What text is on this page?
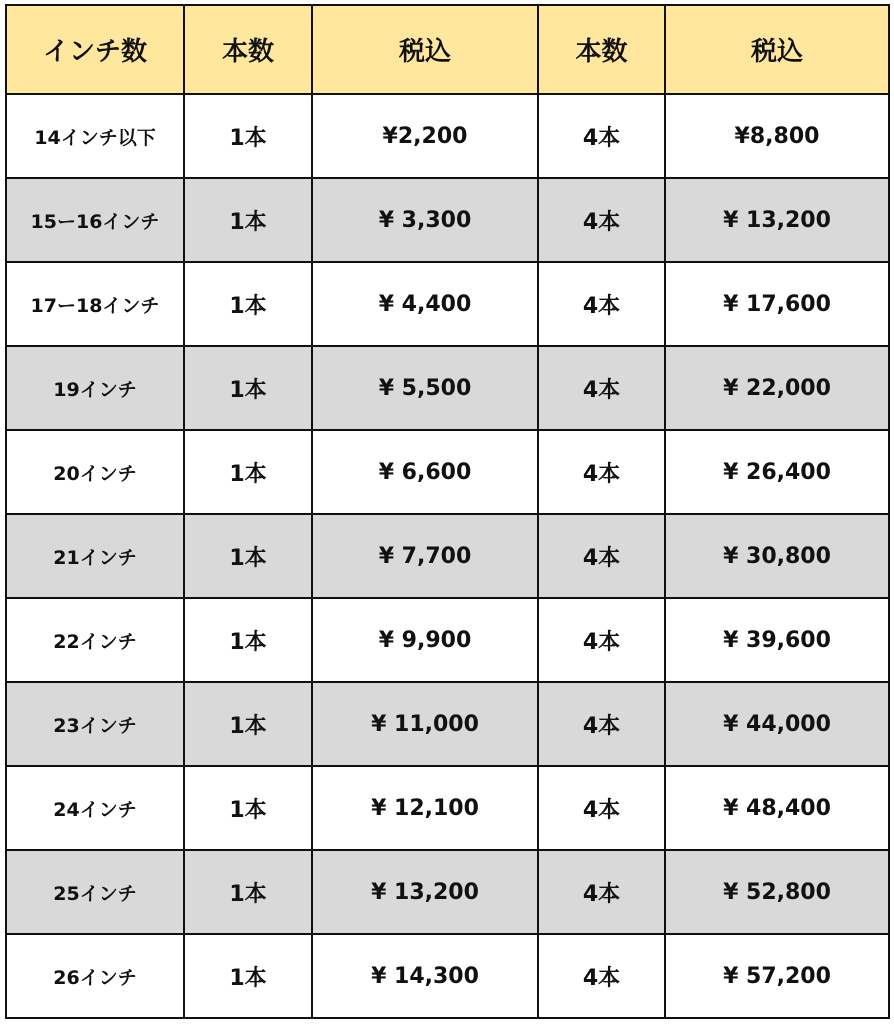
インチ数	本数	税込	本数	税込
14インチ以下	1本	¥2,200	4本	¥8,800
15ー16インチ	1本	¥ 3,300	4本	¥ 13,200
17ー18インチ	1本	¥ 4,400	4本	¥ 17,600
19インチ	1本	¥ 5,500	4本	¥ 22,000
20インチ	1本	¥ 6,600	4本	¥ 26,400
21インチ	1本	¥ 7,700	4本	¥ 30,800
22インチ	1本	¥ 9,900	4本	¥ 39,600
23インチ	1本	¥ 11,000	4本	¥ 44,000
24インチ	1本	¥ 12,100	4本	¥ 48,400
25インチ	1本	¥ 13,200	4本	¥ 52,800
26インチ	1本	¥ 14,300	4本	¥ 57,200
